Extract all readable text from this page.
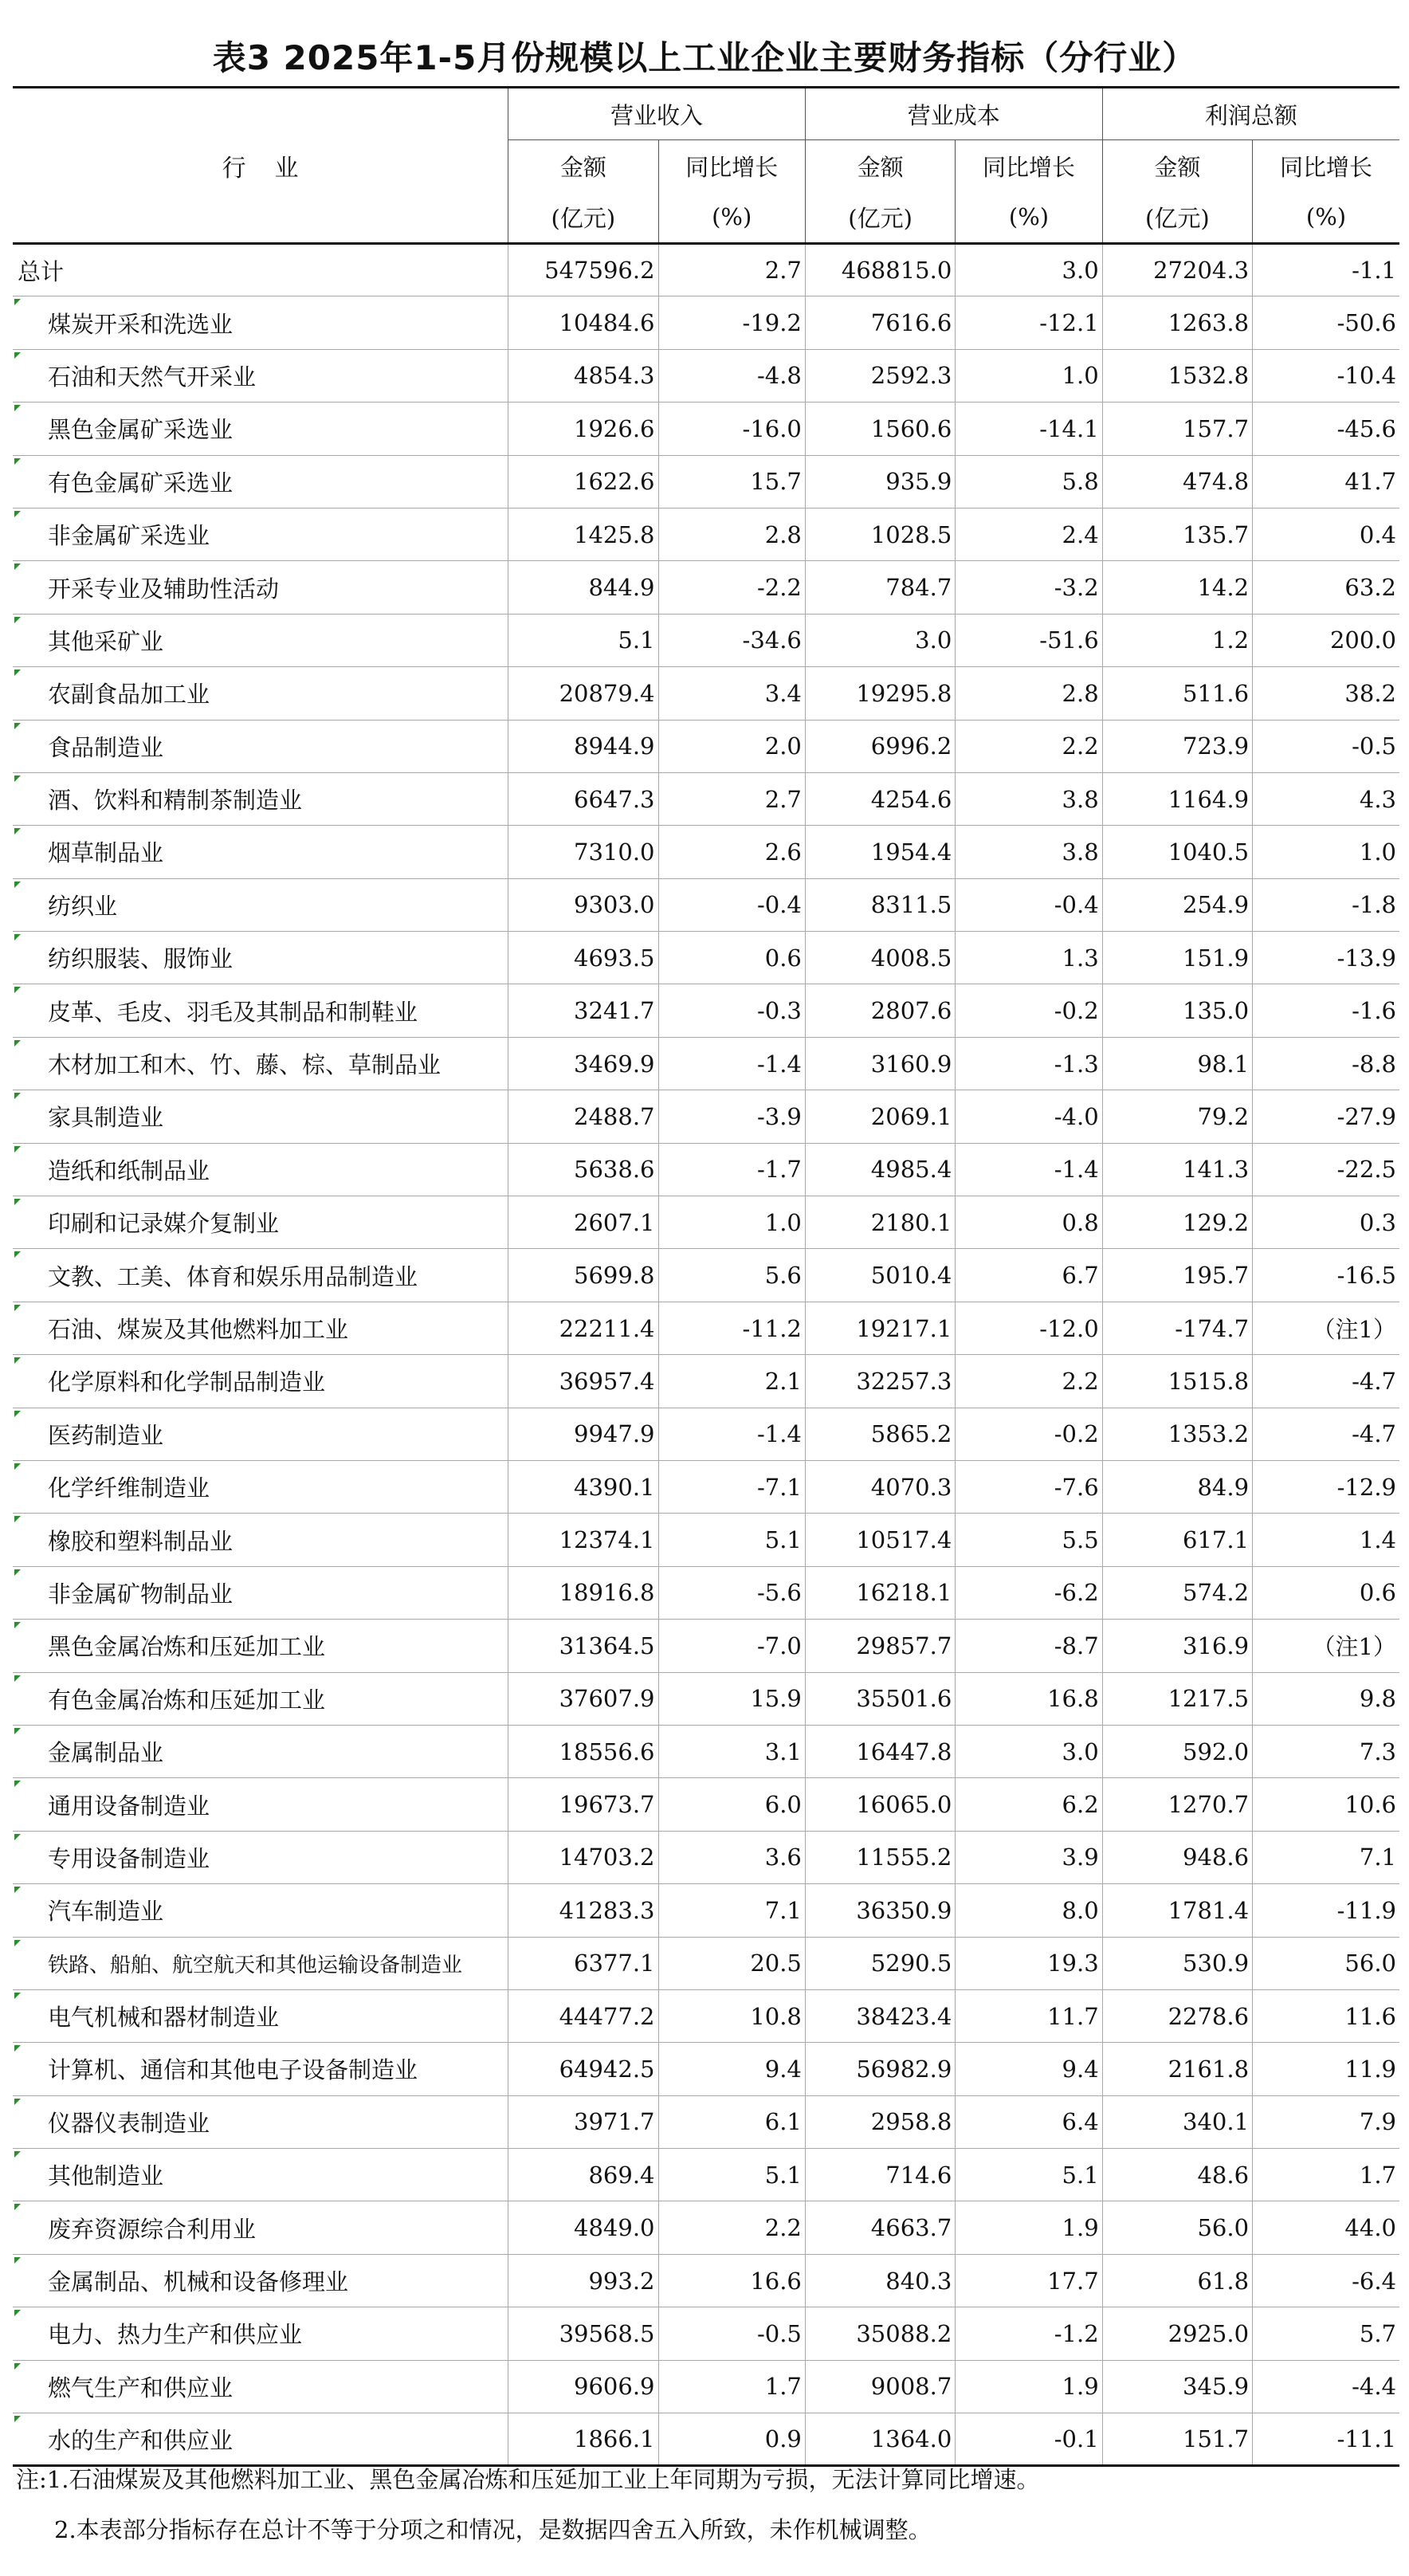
表3 2025年1-5月份规模以上工业企业主要财务指标（分行业）
行业	营业收入		营业成本		利润总额	
	金额	同比增长	金额	同比增长	金额	同比增长
	(亿元)	(%)	(亿元)	(%)	(亿元)	(%)
总计	547596.2	2.7	468815.0	3.0	27204.3	-1.1
煤炭开采和洗选业	10484.6	-19.2	7616.6	-12.1	1263.8	-50.6
石油和天然气开采业	4854.3	-4.8	2592.3	1.0	1532.8	-10.4
黑色金属矿采选业	1926.6	-16.0	1560.6	-14.1	157.7	-45.6
有色金属矿采选业	1622.6	15.7	935.9	5.8	474.8	41.7
非金属矿采选业	1425.8	2.8	1028.5	2.4	135.7	0.4
开采专业及辅助性活动	844.9	-2.2	784.7	-3.2	14.2	63.2
其他采矿业	5.1	-34.6	3.0	-51.6	1.2	200.0
农副食品加工业	20879.4	3.4	19295.8	2.8	511.6	38.2
食品制造业	8944.9	2.0	6996.2	2.2	723.9	-0.5
酒、饮料和精制茶制造业	6647.3	2.7	4254.6	3.8	1164.9	4.3
烟草制品业	7310.0	2.6	1954.4	3.8	1040.5	1.0
纺织业	9303.0	-0.4	8311.5	-0.4	254.9	-1.8
纺织服装、服饰业	4693.5	0.6	4008.5	1.3	151.9	-13.9
皮革、毛皮、羽毛及其制品和制鞋业	3241.7	-0.3	2807.6	-0.2	135.0	-1.6
木材加工和木、竹、藤、棕、草制品业	3469.9	-1.4	3160.9	-1.3	98.1	-8.8
家具制造业	2488.7	-3.9	2069.1	-4.0	79.2	-27.9
造纸和纸制品业	5638.6	-1.7	4985.4	-1.4	141.3	-22.5
印刷和记录媒介复制业	2607.1	1.0	2180.1	0.8	129.2	0.3
文教、工美、体育和娱乐用品制造业	5699.8	5.6	5010.4	6.7	195.7	-16.5
石油、煤炭及其他燃料加工业	22211.4	-11.2	19217.1	-12.0	-174.7	（注1）
化学原料和化学制品制造业	36957.4	2.1	32257.3	2.2	1515.8	-4.7
医药制造业	9947.9	-1.4	5865.2	-0.2	1353.2	-4.7
化学纤维制造业	4390.1	-7.1	4070.3	-7.6	84.9	-12.9
橡胶和塑料制品业	12374.1	5.1	10517.4	5.5	617.1	1.4
非金属矿物制品业	18916.8	-5.6	16218.1	-6.2	574.2	0.6
黑色金属冶炼和压延加工业	31364.5	-7.0	29857.7	-8.7	316.9	（注1）
有色金属冶炼和压延加工业	37607.9	15.9	35501.6	16.8	1217.5	9.8
金属制品业	18556.6	3.1	16447.8	3.0	592.0	7.3
通用设备制造业	19673.7	6.0	16065.0	6.2	1270.7	10.6
专用设备制造业	14703.2	3.6	11555.2	3.9	948.6	7.1
汽车制造业	41283.3	7.1	36350.9	8.0	1781.4	-11.9
铁路、船舶、航空航天和其他运输设备制造业	6377.1	20.5	5290.5	19.3	530.9	56.0
电气机械和器材制造业	44477.2	10.8	38423.4	11.7	2278.6	11.6
计算机、通信和其他电子设备制造业	64942.5	9.4	56982.9	9.4	2161.8	11.9
仪器仪表制造业	3971.7	6.1	2958.8	6.4	340.1	7.9
其他制造业	869.4	5.1	714.6	5.1	48.6	1.7
废弃资源综合利用业	4849.0	2.2	4663.7	1.9	56.0	44.0
金属制品、机械和设备修理业	993.2	16.6	840.3	17.7	61.8	-6.4
电力、热力生产和供应业	39568.5	-0.5	35088.2	-1.2	2925.0	5.7
燃气生产和供应业	9606.9	1.7	9008.7	1.9	345.9	-4.4
水的生产和供应业	1866.1	0.9	1364.0	-0.1	151.7	-11.1
注:1.石油煤炭及其他燃料加工业、黑色金属冶炼和压延加工业上年同期为亏损，无法计算同比增速。
2.本表部分指标存在总计不等于分项之和情况，是数据四舍五入所致，未作机械调整。
